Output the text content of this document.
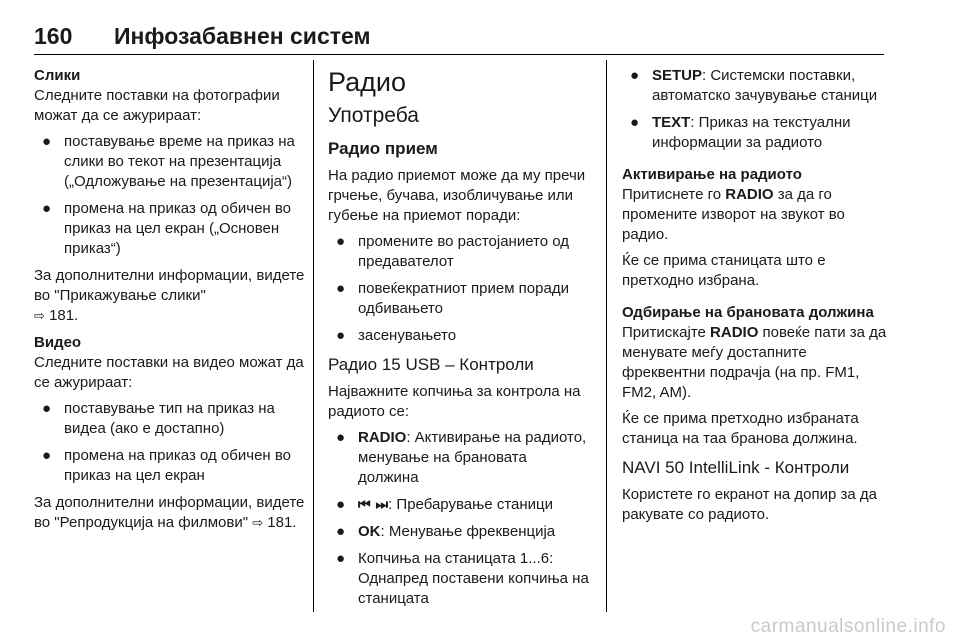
160 Инфозабавнен систем
Слики

Следните поставки на фотографии можат да се ажурираат:

● поставување време на приказ на слики во текот на презентација („Одложување на презентација“)
● промена на приказ од обичен во приказ на цел екран („Основен приказ“)

За дополнителни информации, видете во "Прикажување слики"
⇨ 181.

Видео

Следните поставки на видео можат да се ажурираат:

● поставување тип на приказ на видеа (ако е достапно)
● промена на приказ од обичен во приказ на цел екран

За дополнителни информации, видете во "Репродукција на филмови" ⇨ 181.

Радио
Употреба
Радио прием

На радио приемот може да му пречи грчење, бучава, изобличување или губење на приемот поради:

● промените во растојанието од предавателот
● повеќекратниот прием поради одбивањето
● засенувањето
Радио 15 USB – Контроли

Најважните копчиња за контрола на радиото се:

● RADIO: Активирање на радиото, менување на брановата должина
● ⏮ ⏭: Пребарување станици
● OK: Менување фреквенција
● Копчиња на станицата 1...6: Однапред поставени копчиња на станицата
● SETUP: Системски поставки, автоматско зачувување станици
● TEXT: Приказ на текстуални информации за радиото
Активирање на радиото

Притиснете го RADIO за да го промените изворот на звукот во радио.

Ќе се прима станицата што е претходно избрана.

Одбирање на брановата должина

Притискајте RADIO повеќе пати за да менувате меѓу достапните фреквентни подрачја (на пр. FM1, FM2, AM).

Ќе се прима претходно избраната станица на таа бранова должина.

NAVI 50 IntelliLink - Контроли

Користете го екранот на допир за да ракувате со радиото.

carmanualsonline.info
